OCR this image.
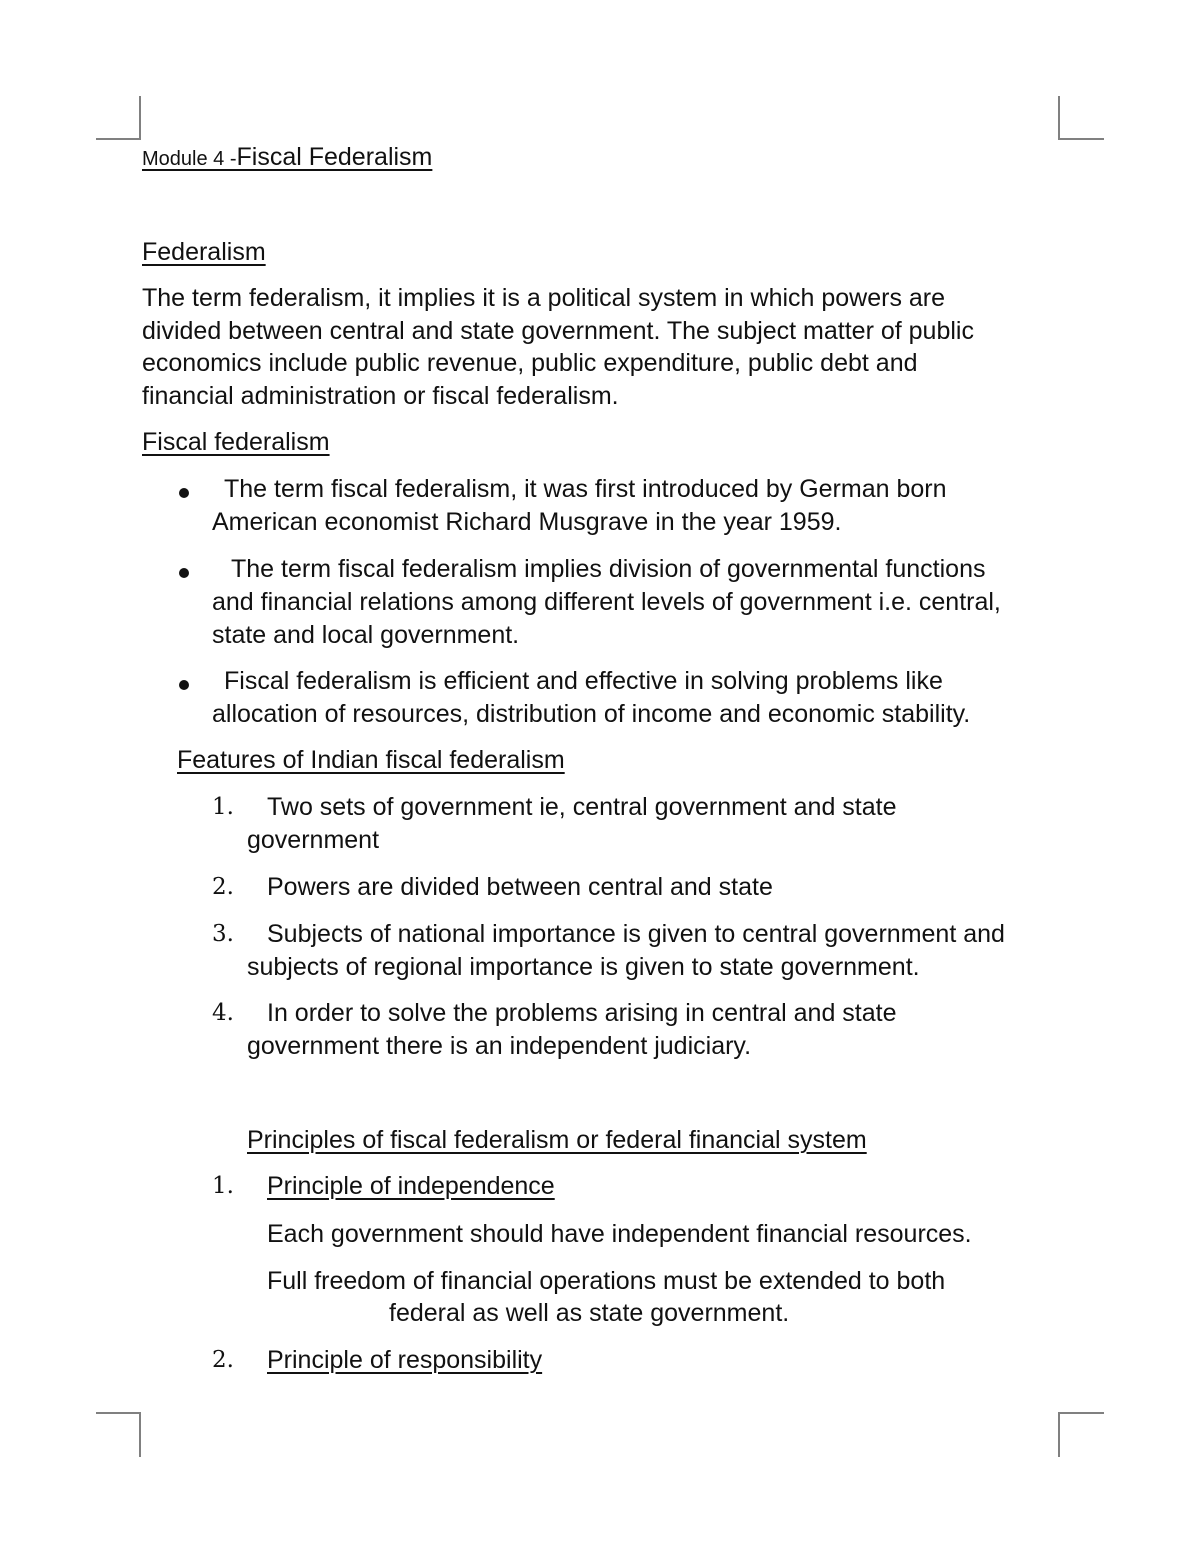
Module 4 -Fiscal Federalism
Federalism
The term federalism, it implies it is a political system in which powers are
divided between central and state government. The subject matter of public
economics include public revenue, public expenditure, public debt and
financial administration or fiscal federalism.
Fiscal federalism
The term fiscal federalism, it was first introduced by German born
American economist Richard Musgrave in the year 1959.
The term fiscal federalism implies division of governmental functions
and financial relations among different levels of government i.e. central,
state and local government.
Fiscal federalism is efficient and effective in solving problems like
allocation of resources, distribution of income and economic stability.
Features of Indian fiscal federalism
1. Two sets of government ie, central government and state
government
2. Powers are divided between central and state
3. Subjects of national importance is given to central government and
subjects of regional importance is given to state government.
4. In order to solve the problems arising in central and state
government there is an independent judiciary.
Principles of fiscal federalism or federal financial system
1. Principle of independence
Each government should have independent financial resources.
Full freedom of financial operations must be extended to both
federal as well as state government.
2. Principle of responsibility
